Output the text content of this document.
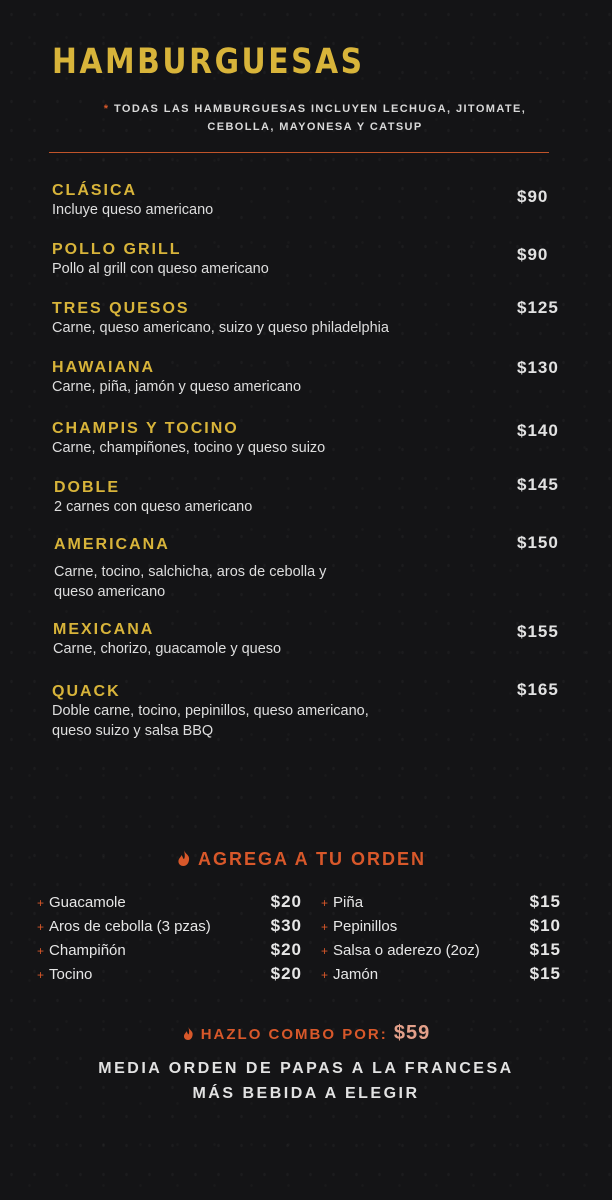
HAMBURGUESAS
* TODAS LAS HAMBURGUESAS INCLUYEN LECHUGA, JITOMATE,
CEBOLLA, MAYONESA Y CATSUP
CLÁSICA
Incluye queso americano
$90
POLLO GRILL
Pollo al grill con queso americano
$90
TRES QUESOS
Carne, queso americano, suizo y queso philadelphia
$125
HAWAIANA
Carne, piña, jamón y queso americano
$130
CHAMPIS Y TOCINO
Carne, champiñones, tocino y queso suizo
$140
DOBLE
2 carnes con queso americano
$145
AMERICANA
Carne, tocino, salchicha, aros de cebolla y
queso americano
$150
MEXICANA
Carne, chorizo, guacamole y queso
$155
QUACK
Doble carne, tocino, pepinillos, queso americano,
queso suizo y salsa BBQ
$165
AGREGA A TU ORDEN
+ Guacamole	$20
+ Aros de cebolla (3 pzas)	$30
+ Champiñón	$20
+ Tocino	$20
+ Piña	$15
+ Pepinillos	$10
+ Salsa o aderezo (2oz)	$15
+ Jamón	$15
HAZLO COMBO POR: $59
MEDIA ORDEN DE PAPAS A LA FRANCESA
MÁS BEBIDA A ELEGIR
